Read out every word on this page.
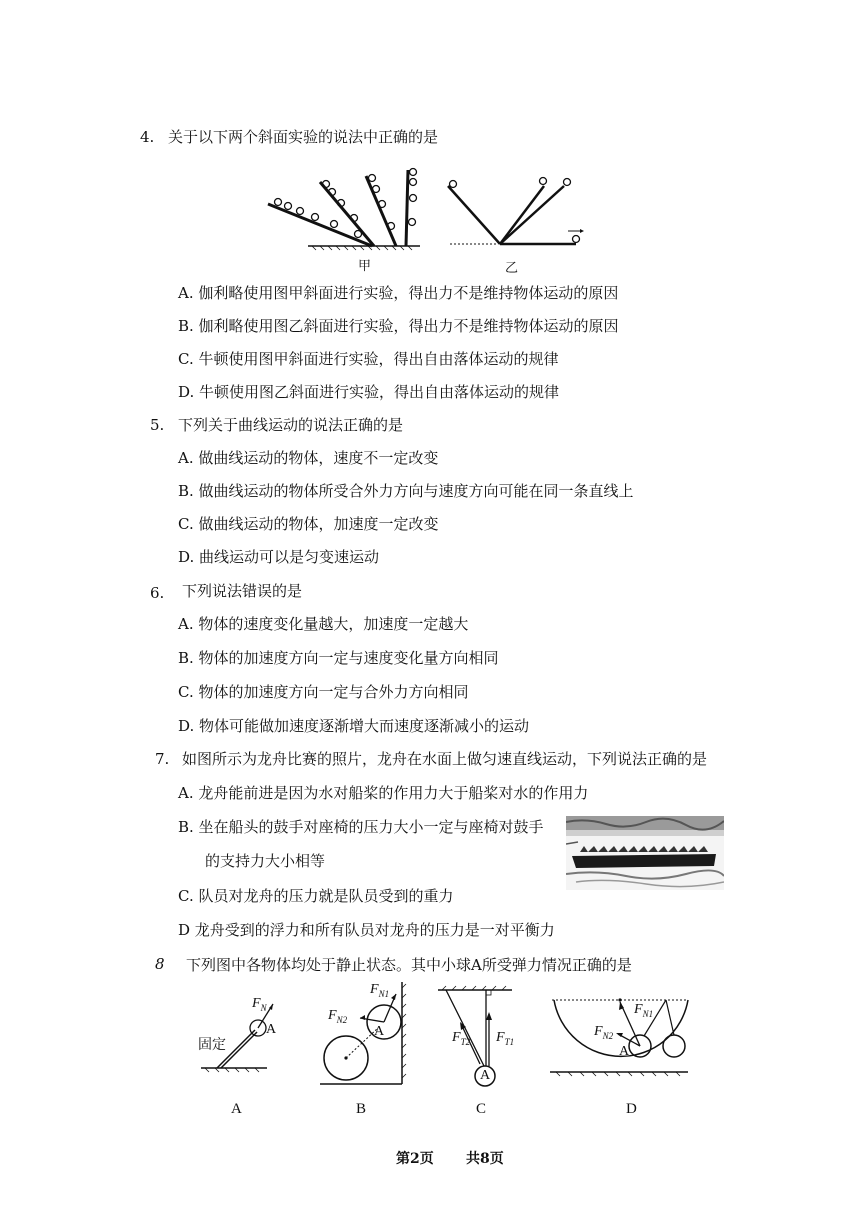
4. 关于以下两个斜面实验的说法中正确的是
甲	乙
A. 伽利略使用图甲斜面进行实验，得出力不是维持物体运动的原因
B. 伽利略使用图乙斜面进行实验，得出力不是维持物体运动的原因
C. 牛顿使用图甲斜面进行实验，得出自由落体运动的规律
D. 牛顿使用图乙斜面进行实验，得出自由落体运动的规律
5. 下列关于曲线运动的说法正确的是
A. 做曲线运动的物体，速度不一定改变
B. 做曲线运动的物体所受合外力方向与速度方向可能在同一条直线上
C. 做曲线运动的物体，加速度一定改变
D. 曲线运动可以是匀变速运动
6. 下列说法错误的是
A. 物体的速度变化量越大，加速度一定越大
B. 物体的加速度方向一定与速度变化量方向相同
C. 物体的加速度方向一定与合外力方向相同
D. 物体可能做加速度逐渐增大而速度逐渐减小的运动
7. 如图所示为龙舟比赛的照片，龙舟在水面上做匀速直线运动，下列说法正确的是
A. 龙舟能前进是因为水对船桨的作用力大于船桨对水的作用力
B. 坐在船头的鼓手对座椅的压力大小一定与座椅对鼓手
的支持力大小相等
C. 队员对龙舟的压力就是队员受到的重力
D 龙舟受到的浮力和所有队员对龙舟的压力是一对平衡力
8 下列图中各物体均处于静止状态。其中小球A所受弹力情况正确的是
固定
A
$F_N$
A
$F_{N1}$
$F_{N2}$
A
$F_{T1}$
$F_{T2}$
A
$F_{N1}$
$F_{N2}$
A	B	C	D
第2页 共8页
